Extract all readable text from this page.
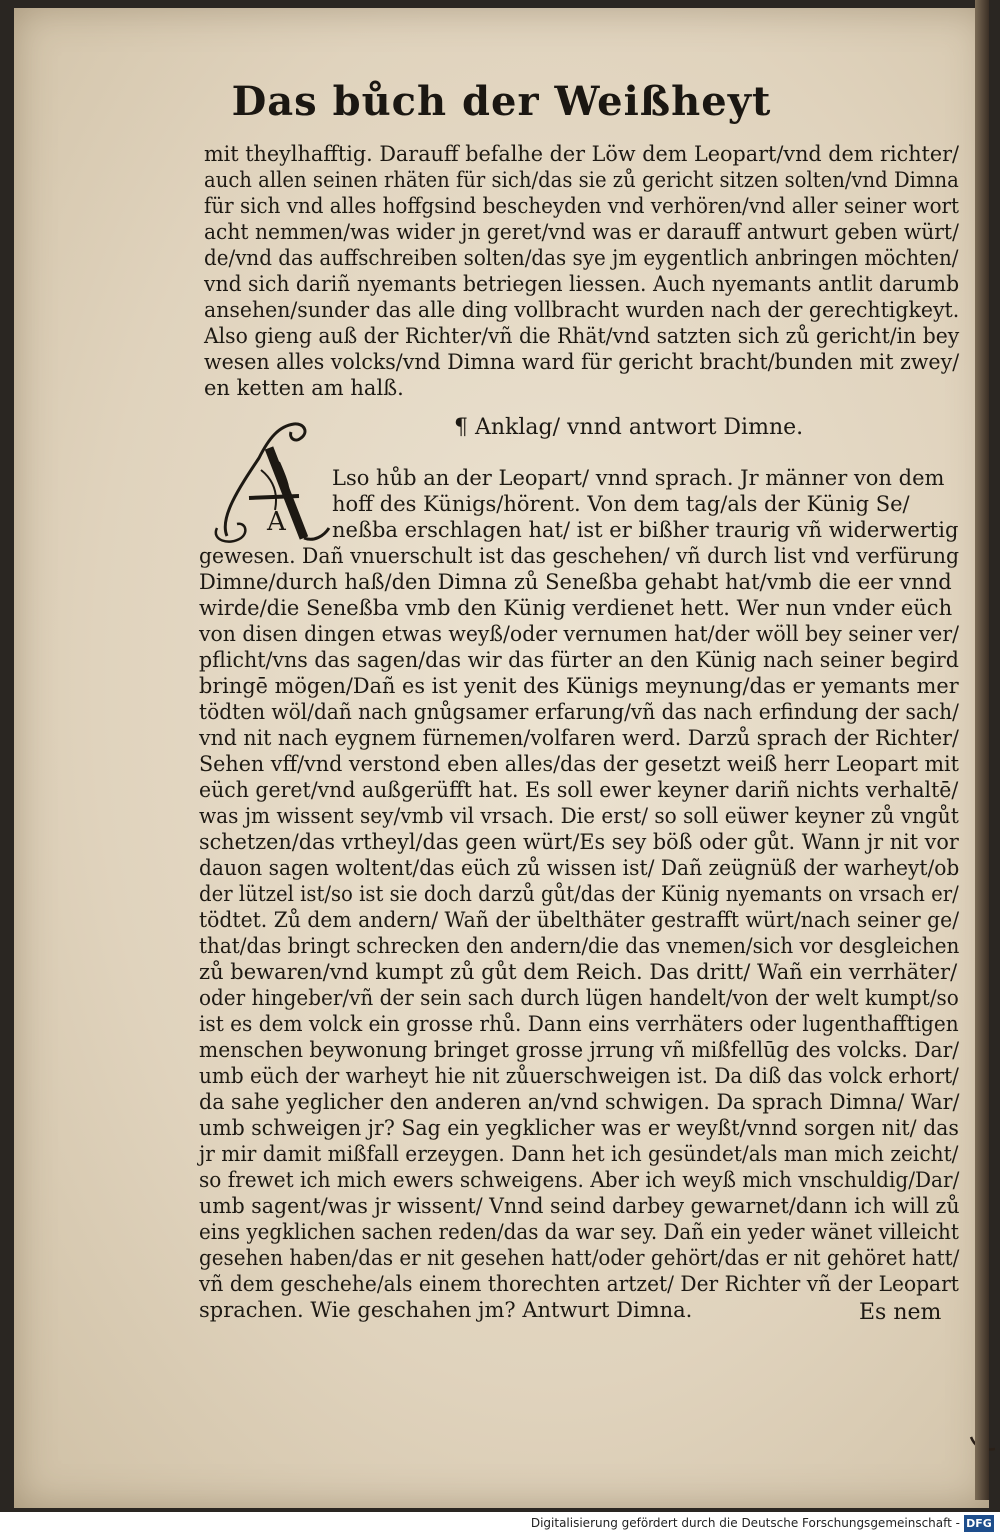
Das bůch der Weißheyt
mit theylhafftig. Darauff befalhe der Löw dem Leopart/vnd dem richter/
auch allen seinen rhäten für sich/das sie zů gericht sitzen solten/vnd Dimna
für sich vnd alles hoffgsind bescheyden vnd verhören/vnd aller seiner wort
acht nemmen/was wider jn geret/vnd was er darauff antwurt geben würt/
de/vnd das auffschreiben solten/das sye jm eygentlich anbringen möchten/
vnd sich dariñ nyemants betriegen liessen. Auch nyemants antlit darumb
ansehen/sunder das alle ding vollbracht wurden nach der gerechtigkeyt.
Also gieng auß der Richter/vñ die Rhät/vnd satzten sich zů gericht/in bey
wesen alles volcks/vnd Dimna ward für gericht bracht/bunden mit zwey/
en ketten am halß.
¶ Anklag/ vnnd antwort Dimne.
A
Lso hůb an der Leopart/ vnnd sprach. Jr männer von dem
hoff des Künigs/hörent. Von dem tag/als der Künig Se/
neßba erschlagen hat/ ist er bißher traurig vñ widerwertig
gewesen. Dañ vnuerschult ist das geschehen/ vñ durch list vnd verfürung
Dimne/durch haß/den Dimna zů Seneßba gehabt hat/vmb die eer vnnd
wirde/die Seneßba vmb den Künig verdienet hett. Wer nun vnder eüch
von disen dingen etwas weyß/oder vernumen hat/der wöll bey seiner ver/
pflicht/vns das sagen/das wir das fürter an den Künig nach seiner begird
bringē mögen/Dañ es ist yenit des Künigs meynung/das er yemants mer
tödten wöl/dañ nach gnůgsamer erfarung/vñ das nach erfindung der sach/
vnd nit nach eygnem fürnemen/volfaren werd. Darzů sprach der Richter/
Sehen vff/vnd verstond eben alles/das der gesetzt weiß herr Leopart mit
eüch geret/vnd außgerüfft hat. Es soll ewer keyner dariñ nichts verhaltē/
was jm wissent sey/vmb vil vrsach. Die erst/ so soll eüwer keyner zů vngůt
schetzen/das vrtheyl/das geen würt/Es sey böß oder gůt. Wann jr nit vor
dauon sagen woltent/das eüch zů wissen ist/ Dañ zeügnüß der warheyt/ob
der lützel ist/so ist sie doch darzů gůt/das der Künig nyemants on vrsach er/
tödtet. Zů dem andern/ Wañ der übelthäter gestrafft würt/nach seiner ge/
that/das bringt schrecken den andern/die das vnemen/sich vor desgleichen
zů bewaren/vnd kumpt zů gůt dem Reich. Das dritt/ Wañ ein verrhäter/
oder hingeber/vñ der sein sach durch lügen handelt/von der welt kumpt/so
ist es dem volck ein grosse rhů. Dann eins verrhäters oder lugenthafftigen
menschen beywonung bringet grosse jrrung vñ mißfellūg des volcks. Dar/
umb eüch der warheyt hie nit zůuerschweigen ist. Da diß das volck erhort/
da sahe yeglicher den anderen an/vnd schwigen. Da sprach Dimna/ War/
umb schweigen jr? Sag ein yegklicher was er weyßt/vnnd sorgen nit/ das
jr mir damit mißfall erzeygen. Dann het ich gesündet/als man mich zeicht/
so frewet ich mich ewers schweigens. Aber ich weyß mich vnschuldig/Dar/
umb sagent/was jr wissent/ Vnnd seind darbey gewarnet/dann ich will zů
eins yegklichen sachen reden/das da war sey. Dañ ein yeder wänet villeicht
gesehen haben/das er nit gesehen hatt/oder gehört/das er nit gehöret hatt/
vñ dem geschehe/als einem thorechten artzet/ Der Richter vñ der Leopart
sprachen. Wie geschahen jm? Antwurt Dimna.	Es nem
Digitalisierung gefördert durch die Deutsche Forschungsgemeinschaft - DFG
